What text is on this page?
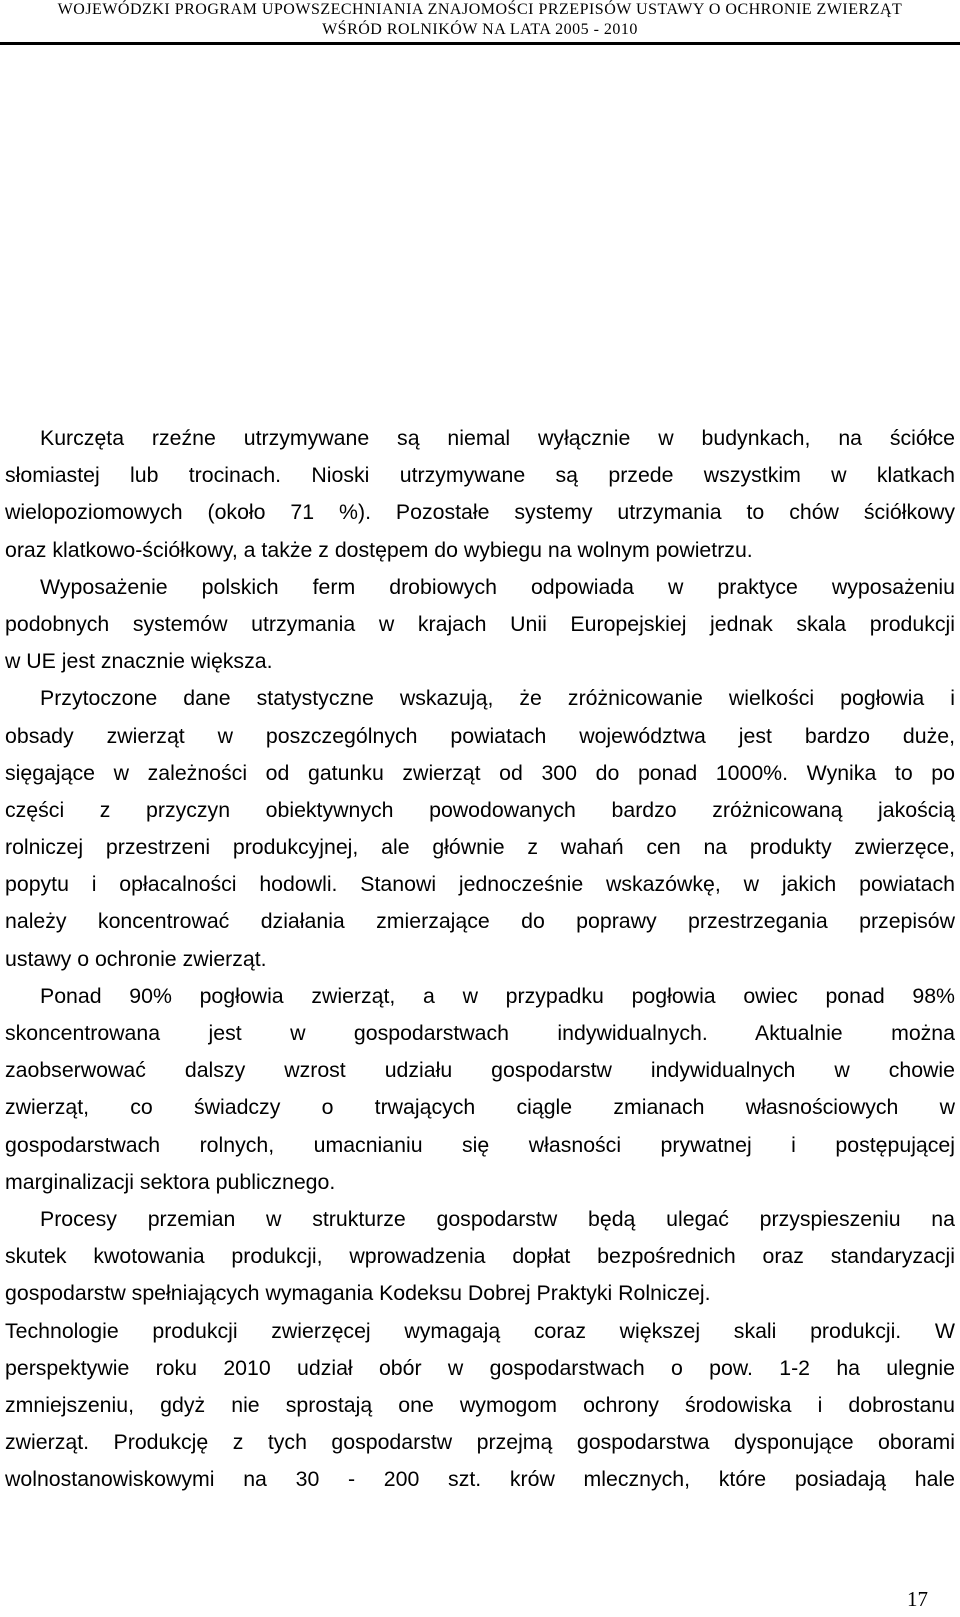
WOJEWÓDZKI PROGRAM UPOWSZECHNIANIA ZNAJOMOŚCI PRZEPISÓW USTAWY O OCHRONIE ZWIERZĄT
WŚRÓD ROLNIKÓW NA LATA 2005 - 2010
Kurczęta rzeźne utrzymywane są niemal wyłącznie w budynkach, na ściółce
słomiastej lub trocinach. Nioski utrzymywane są przede wszystkim w klatkach
wielopoziomowych (około 71 %). Pozostałe systemy utrzymania to chów ściółkowy
oraz klatkowo-ściółkowy, a także z dostępem do wybiegu na wolnym powietrzu.
Wyposażenie polskich ferm drobiowych odpowiada w praktyce wyposażeniu
podobnych systemów utrzymania w krajach Unii Europejskiej jednak skala produkcji
w UE jest znacznie większa.
Przytoczone dane statystyczne wskazują, że zróżnicowanie wielkości pogłowia i
obsady zwierząt w poszczególnych powiatach województwa jest bardzo duże,
sięgające w zależności od gatunku zwierząt od 300 do ponad 1000%. Wynika to po
części z przyczyn obiektywnych powodowanych bardzo zróżnicowaną jakością
rolniczej przestrzeni produkcyjnej, ale głównie z wahań cen na produkty zwierzęce,
popytu i opłacalności hodowli. Stanowi jednocześnie wskazówkę, w jakich powiatach
należy koncentrować działania zmierzające do poprawy przestrzegania przepisów
ustawy o ochronie zwierząt.
Ponad 90% pogłowia zwierząt, a w przypadku pogłowia owiec ponad 98%
skoncentrowana jest w gospodarstwach indywidualnych. Aktualnie można
zaobserwować dalszy wzrost udziału gospodarstw indywidualnych w chowie
zwierząt, co świadczy o trwających ciągle zmianach własnościowych w
gospodarstwach rolnych, umacnianiu się własności prywatnej i postępującej
marginalizacji sektora publicznego.
Procesy przemian w strukturze gospodarstw będą ulegać przyspieszeniu na
skutek kwotowania produkcji, wprowadzenia dopłat bezpośrednich oraz standaryzacji
gospodarstw spełniających wymagania Kodeksu Dobrej Praktyki Rolniczej.
Technologie produkcji zwierzęcej wymagają coraz większej skali produkcji. W
perspektywie roku 2010 udział obór w gospodarstwach o pow. 1-2 ha ulegnie
zmniejszeniu, gdyż nie sprostają one wymogom ochrony środowiska i dobrostanu
zwierząt. Produkcję z tych gospodarstw przejmą gospodarstwa dysponujące oborami
wolnostanowiskowymi na 30 - 200 szt. krów mlecznych, które posiadają hale
17
